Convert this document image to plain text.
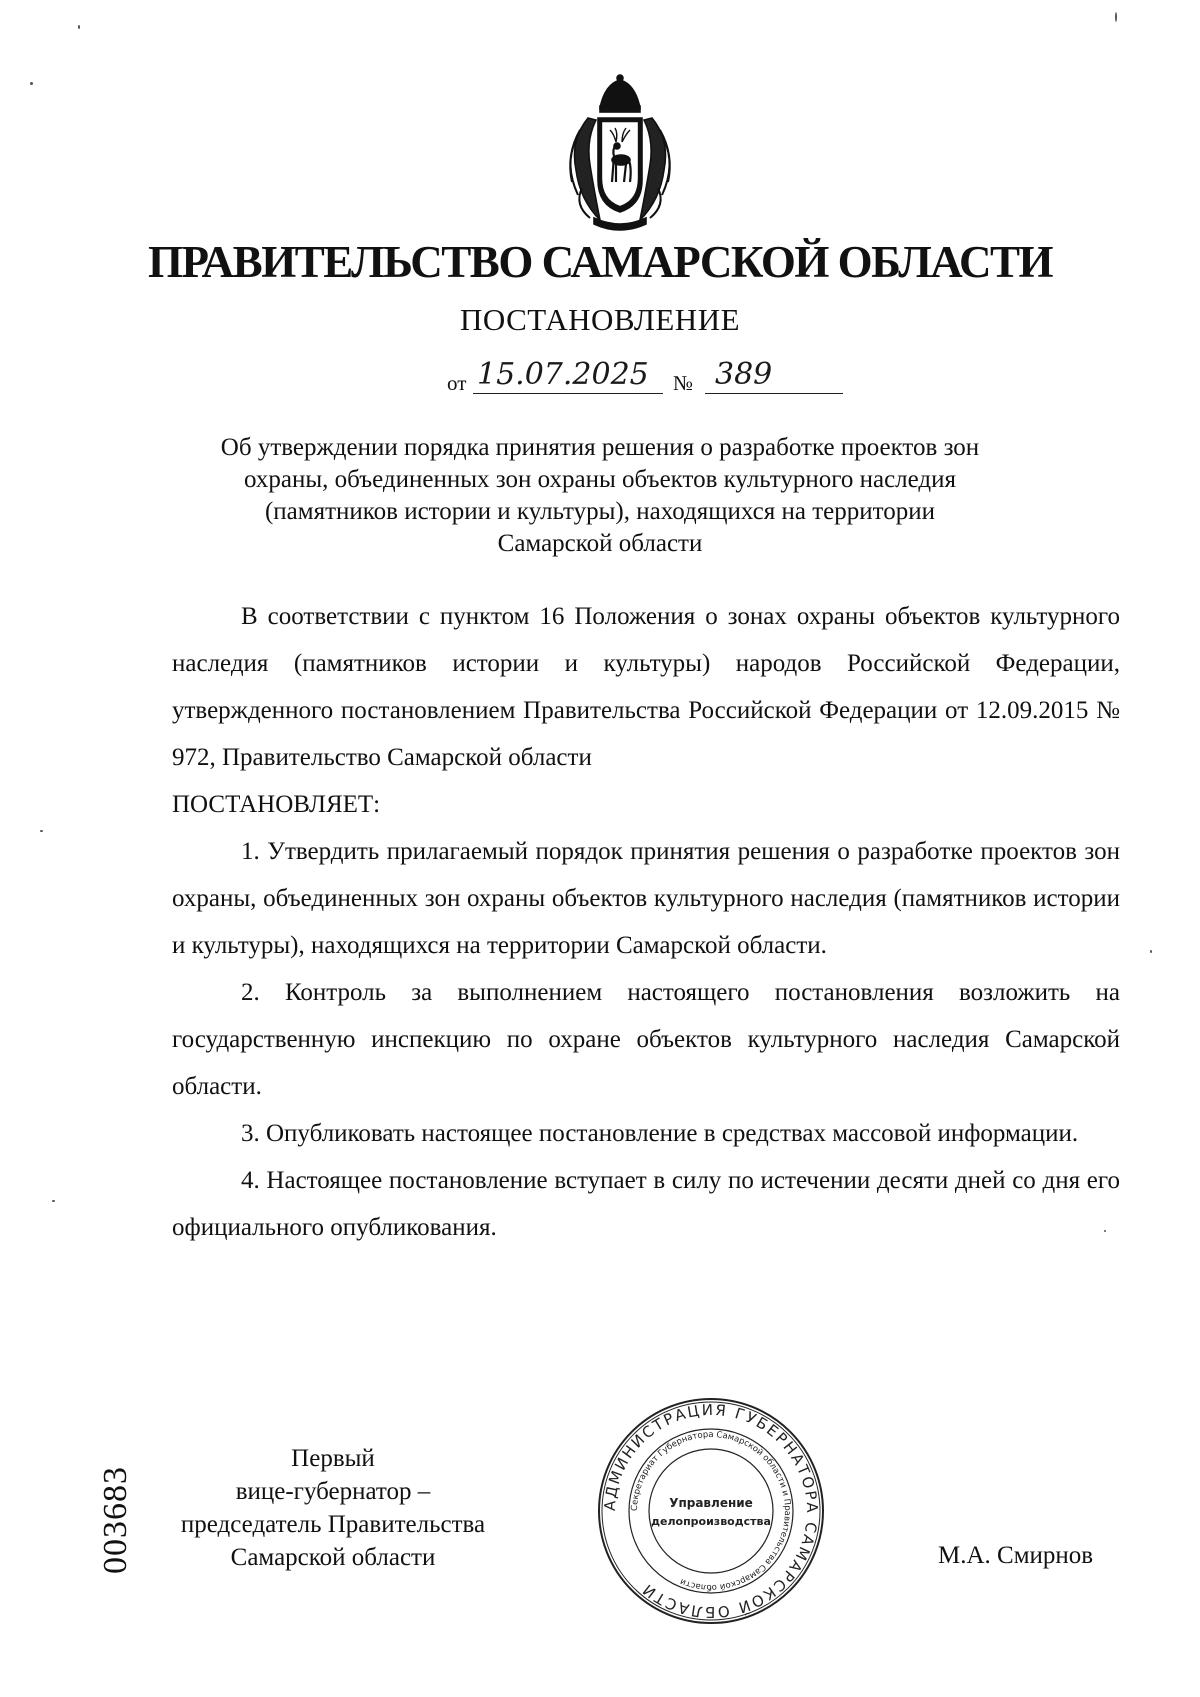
ПРАВИТЕЛЬСТВО САМАРСКОЙ ОБЛАСТИ
ПОСТАНОВЛЕНИЕ
от 15.07.2025 № 389
Об утверждении порядка принятия решения о разработке проектов зон
охраны, объединенных зон охраны объектов культурного наследия
(памятников истории и культуры), находящихся на территории
Самарской области

В соответствии с пунктом 16 Положения о зонах охраны объектов культурного наследия (памятников истории и культуры) народов Российской Федерации, утвержденного постановлением Правительства Российской Федерации от 12.09.2015 № 972, Правительство Самарской области

ПОСТАНОВЛЯЕТ:

1. Утвердить прилагаемый порядок принятия решения о разработке проектов зон охраны, объединенных зон охраны объектов культурного наследия (памятников истории и культуры), находящихся на территории Самарской области.

2. Контроль за выполнением настоящего постановления возложить на государственную инспекцию по охране объектов культурного наследия Самарской области.

3. Опубликовать настоящее постановление в средствах массовой информации.

4. Настоящее постановление вступает в силу по истечении десяти дней со дня его официального опубликования.

Первый
вице-губернатор –
председатель Правительства
Самарской области	М.А. Смирнов
003683	АДМИНИСТРАЦИЯ ГУБЕРНАТОРА САМАРСКОЙ ОБЛАСТИ
Секретариат Губернатора Самарской области и Правительства Самарской области
Управление
делопроизводства
